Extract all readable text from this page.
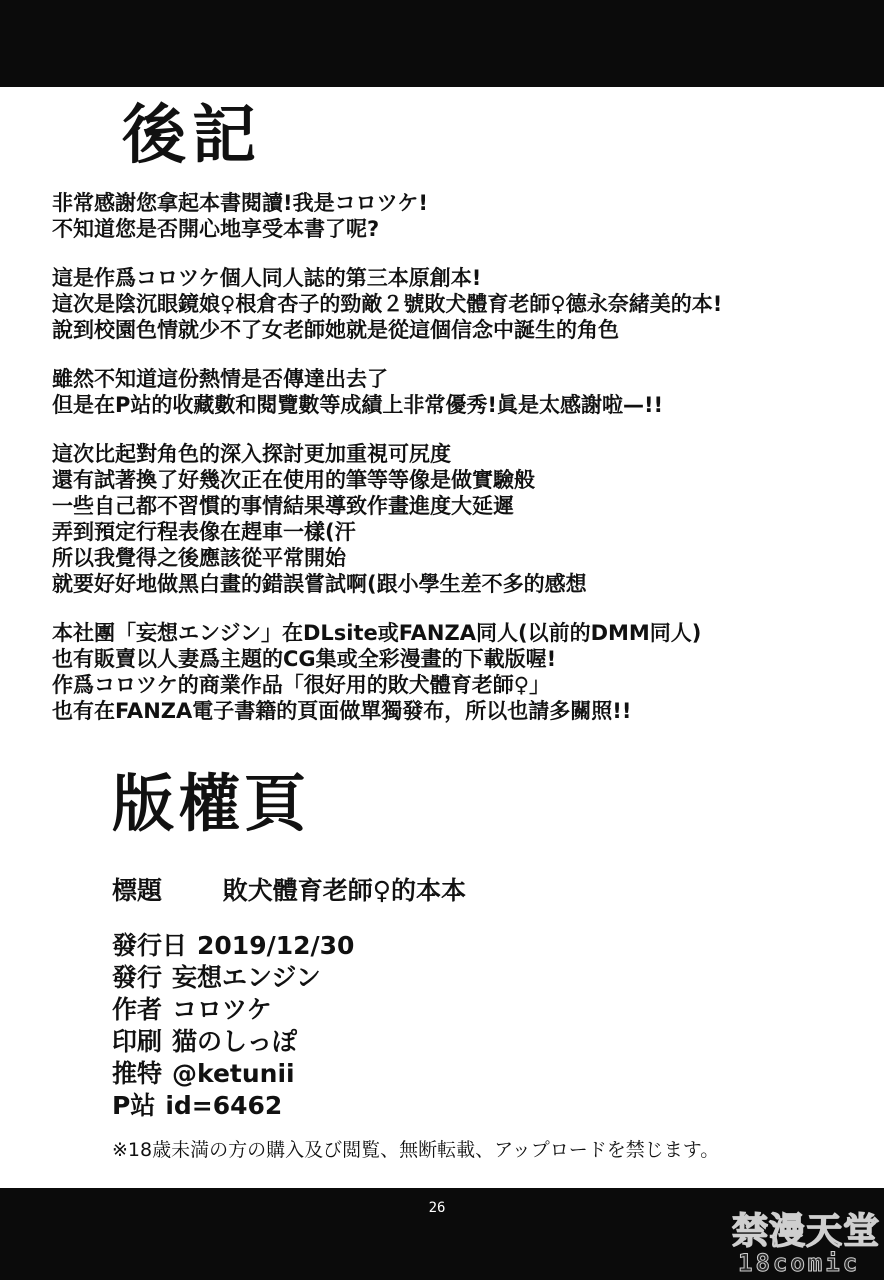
後記

非常感謝您拿起本書閱讀!我是コロツケ!
不知道您是否開心地享受本書了呢?

這是作爲コロツケ個人同人誌的第三本原創本!
這次是陰沉眼鏡娘♀根倉杏子的勁敵２號敗犬體育老師♀德永奈緒美的本!
說到校園色情就少不了女老師她就是從這個信念中誕生的角色

雖然不知道這份熱情是否傳達出去了
但是在P站的收藏數和閱覽數等成績上非常優秀!眞是太感謝啦—!!

這次比起對角色的深入探討更加重視可尻度
還有試著換了好幾次正在使用的筆等等像是做實驗般
一些自己都不習慣的事情結果導致作畫進度大延遲
弄到預定行程表像在趕車一樣(汗
所以我覺得之後應該從平常開始
就要好好地做黑白畫的錯誤嘗試啊(跟小學生差不多的感想

本社團「妄想エンジン」在DLsite或FANZA同人(以前的DMM同人)
也有販賣以人妻爲主題的CG集或全彩漫畫的下載版喔!
作爲コロツケ的商業作品「很好用的敗犬體育老師♀」
也有在FANZA電子書籍的頁面做單獨發布，所以也請多關照!!

版權頁
標題 敗犬體育老師♀的本本
發行日 2019/12/30
發行 妄想エンジン
作者 コロツケ
印刷 猫のしっぽ
推特 @ketunii
P站 id=6462
※18歳未満の方の購入及び閲覧、無断転載、アップロードを禁じます。
26
禁漫天堂
18comic
